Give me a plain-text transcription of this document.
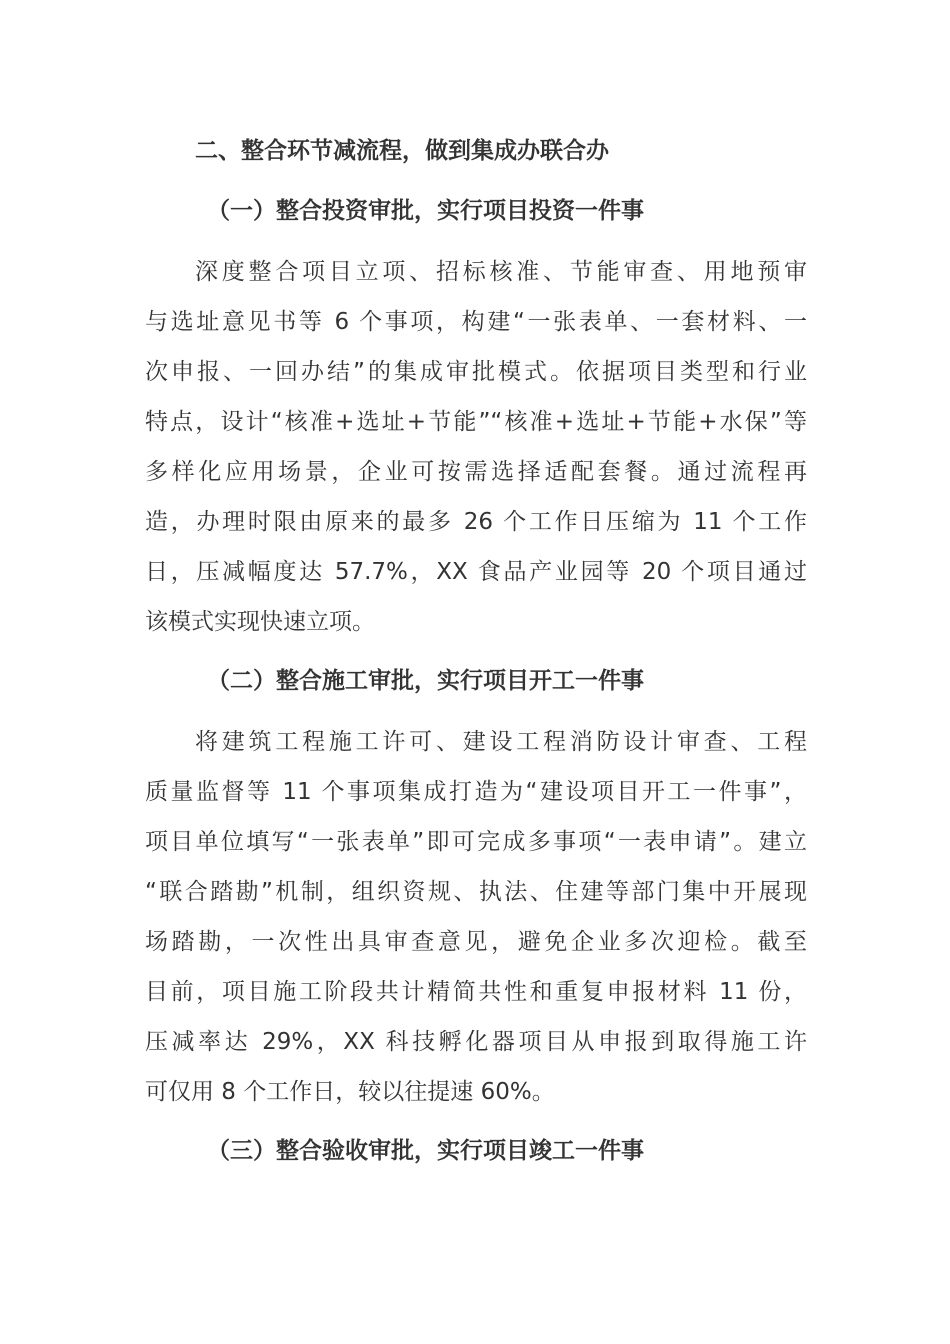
二、整合环节减流程，做到集成办联合办
（一）整合投资审批，实行项目投资一件事
深度整合项目立项、招标核准、节能审查、用地预审
与选址意见书等 6 个事项，构建“一张表单、一套材料、一
次申报、一回办结”的集成审批模式。依据项目类型和行业
特点，设计“核准+选址+节能”“核准+选址+节能+水保”等
多样化应用场景，企业可按需选择适配套餐。通过流程再
造，办理时限由原来的最多 26 个工作日压缩为 11 个工作
日，压减幅度达 57.7%，XX 食品产业园等 20 个项目通过
该模式实现快速立项。
（二）整合施工审批，实行项目开工一件事
将建筑工程施工许可、建设工程消防设计审查、工程
质量监督等 11 个事项集成打造为“建设项目开工一件事”，
项目单位填写“一张表单”即可完成多事项“一表申请”。建立
“联合踏勘”机制，组织资规、执法、住建等部门集中开展现
场踏勘，一次性出具审查意见，避免企业多次迎检。截至
目前，项目施工阶段共计精简共性和重复申报材料 11 份，
压减率达 29%，XX 科技孵化器项目从申报到取得施工许
可仅用 8 个工作日，较以往提速 60%。
（三）整合验收审批，实行项目竣工一件事
